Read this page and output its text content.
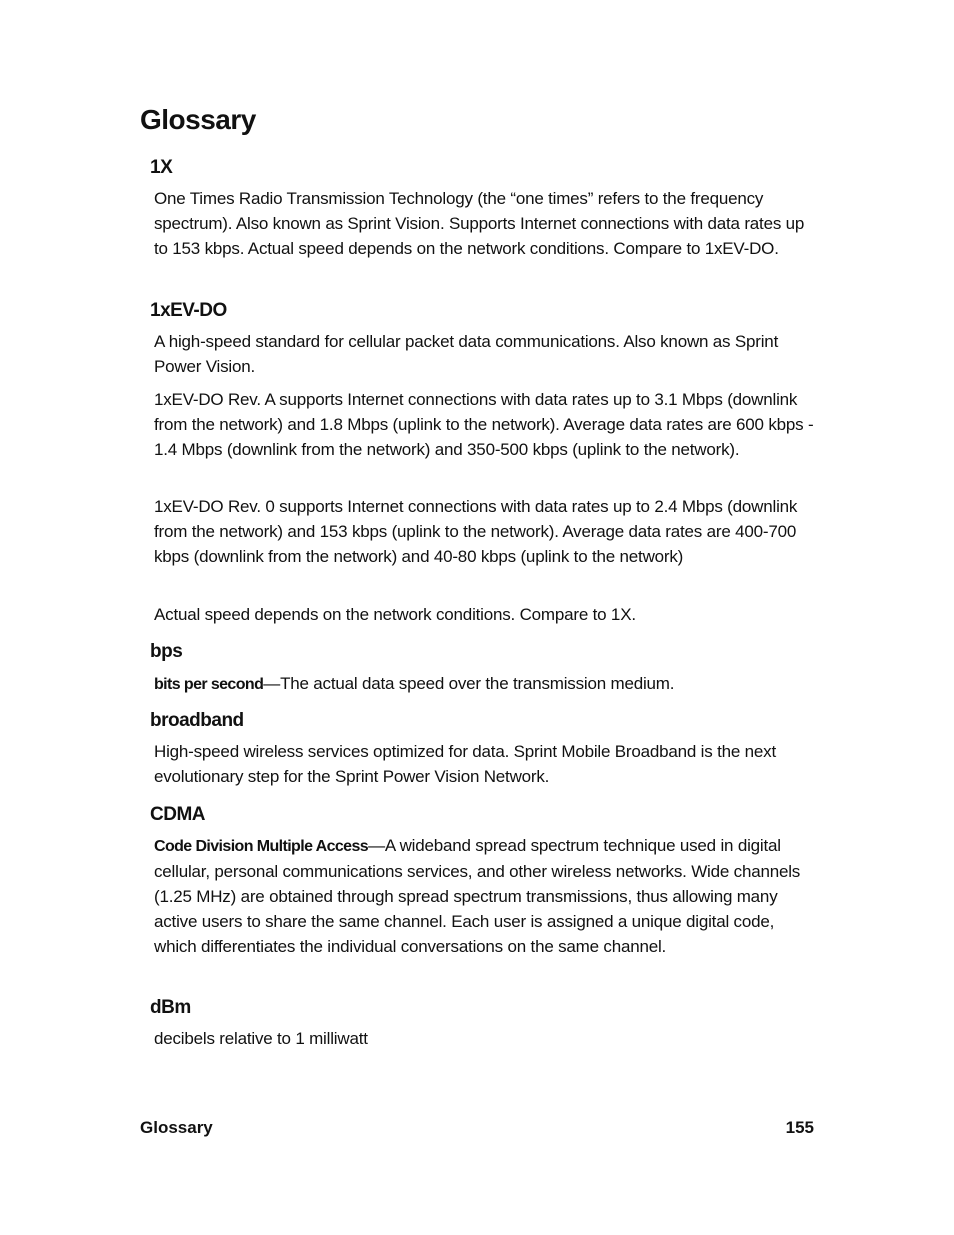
Glossary
1X

One Times Radio Transmission Technology (the “one times” refers to the frequency spectrum). Also known as Sprint Vision. Supports Internet connections with data rates up to 153 kbps. Actual speed depends on the network conditions. Compare to 1xEV-DO.

1xEV-DO

A high-speed standard for cellular packet data communications. Also known as Sprint Power Vision.

1xEV-DO Rev. A supports Internet connections with data rates up to 3.1 Mbps (downlink from the network) and 1.8 Mbps (uplink to the network). Average data rates are 600 kbps - 1.4 Mbps (downlink from the network) and 350-500 kbps (uplink to the network).

1xEV-DO Rev. 0 supports Internet connections with data rates up to 2.4 Mbps (downlink from the network) and 153 kbps (uplink to the network). Average data rates are 400-700 kbps (downlink from the network) and 40-80 kbps (uplink to the network)

Actual speed depends on the network conditions. Compare to 1X.

bps

bits per second—The actual data speed over the transmission medium.

broadband

High-speed wireless services optimized for data. Sprint Mobile Broadband is the next evolutionary step for the Sprint Power Vision Network.

CDMA

Code Division Multiple Access—A wideband spread spectrum technique used in digital cellular, personal communications services, and other wireless networks. Wide channels (1.25 MHz) are obtained through spread spectrum transmissions, thus allowing many active users to share the same channel. Each user is assigned a unique digital code, which differentiates the individual conversations on the same channel.

dBm

decibels relative to 1 milliwatt

Glossary	155
